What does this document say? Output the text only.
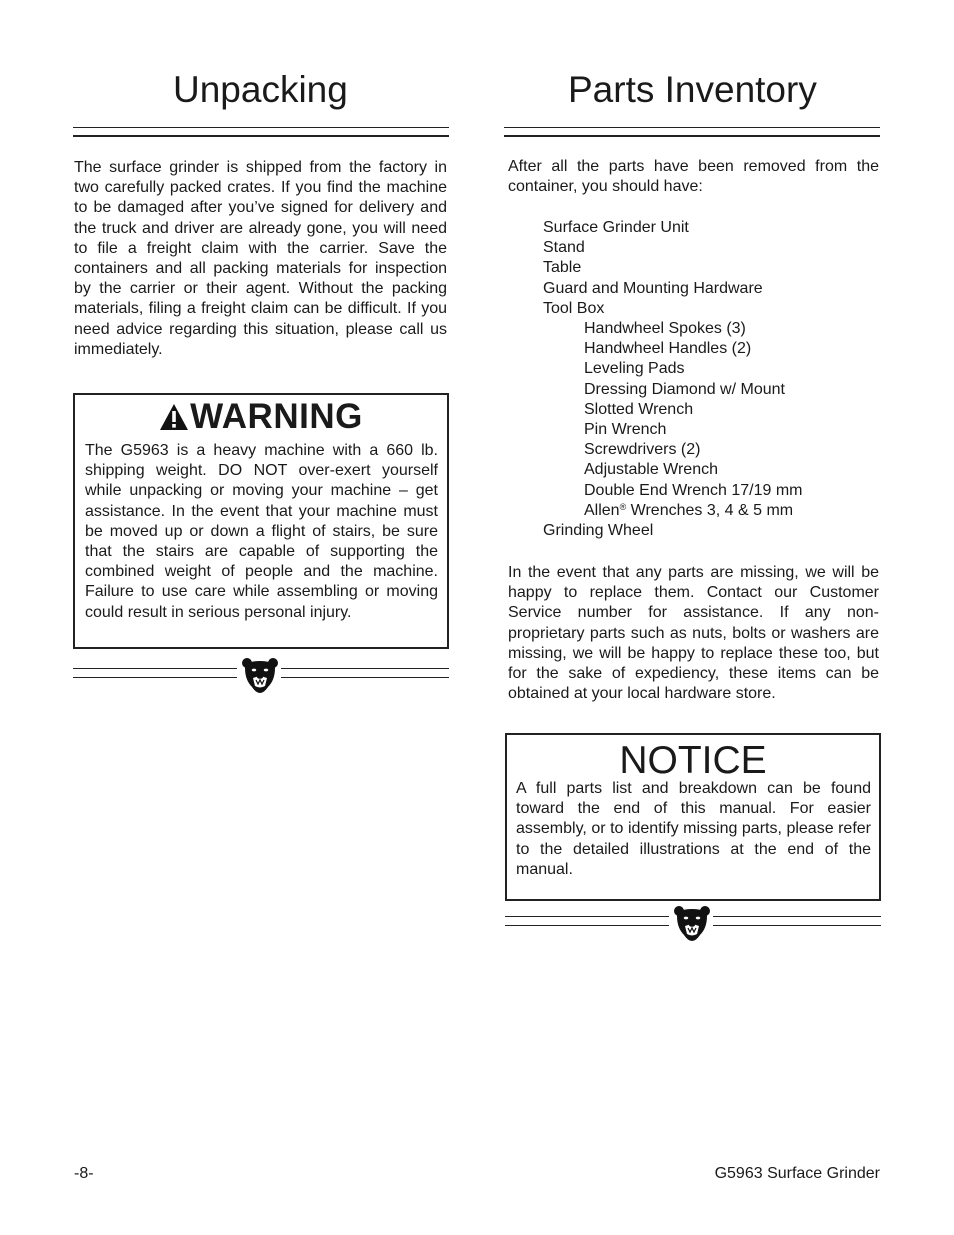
Unpacking

The surface grinder is shipped from the factory in two carefully packed crates. If you find the machine to be damaged after you’ve signed for delivery and the truck and driver are already gone, you will need to file a freight claim with the carrier. Save the containers and all packing materials for inspection by the carrier or their agent. Without the packing materials, filing a freight claim can be difficult. If you need advice regarding this situation, please call us immediately.

WARNING

The G5963 is a heavy machine with a 660 lb. shipping weight. DO NOT over-exert yourself while unpacking or moving your machine – get assistance. In the event that your machine must be moved up or down a flight of stairs, be sure that the stairs are capable of supporting the combined weight of people and the machine. Failure to use care while assembling or moving could result in serious personal injury.

Parts Inventory

After all the parts have been removed from the container, you should have:

Surface Grinder Unit
Stand
Table
Guard and Mounting Hardware
Tool Box
Handwheel Spokes (3)
Handwheel Handles (2)
Leveling Pads
Dressing Diamond w/ Mount
Slotted Wrench
Pin Wrench
Screwdrivers (2)
Adjustable Wrench
Double End Wrench 17/19 mm
Allen® Wrenches 3, 4 & 5 mm
Grinding Wheel

In the event that any parts are missing, we will be happy to replace them. Contact our Customer Service number for assistance. If any non-proprietary parts such as nuts, bolts or washers are missing, we will be happy to replace these too, but for the sake of expediency, these items can be obtained at your local hardware store.

NOTICE

A full parts list and breakdown can be found toward the end of this manual. For easier assembly, or to identify missing parts, please refer to the detailed illustrations at the end of the manual.

-8-	G5963 Surface Grinder
